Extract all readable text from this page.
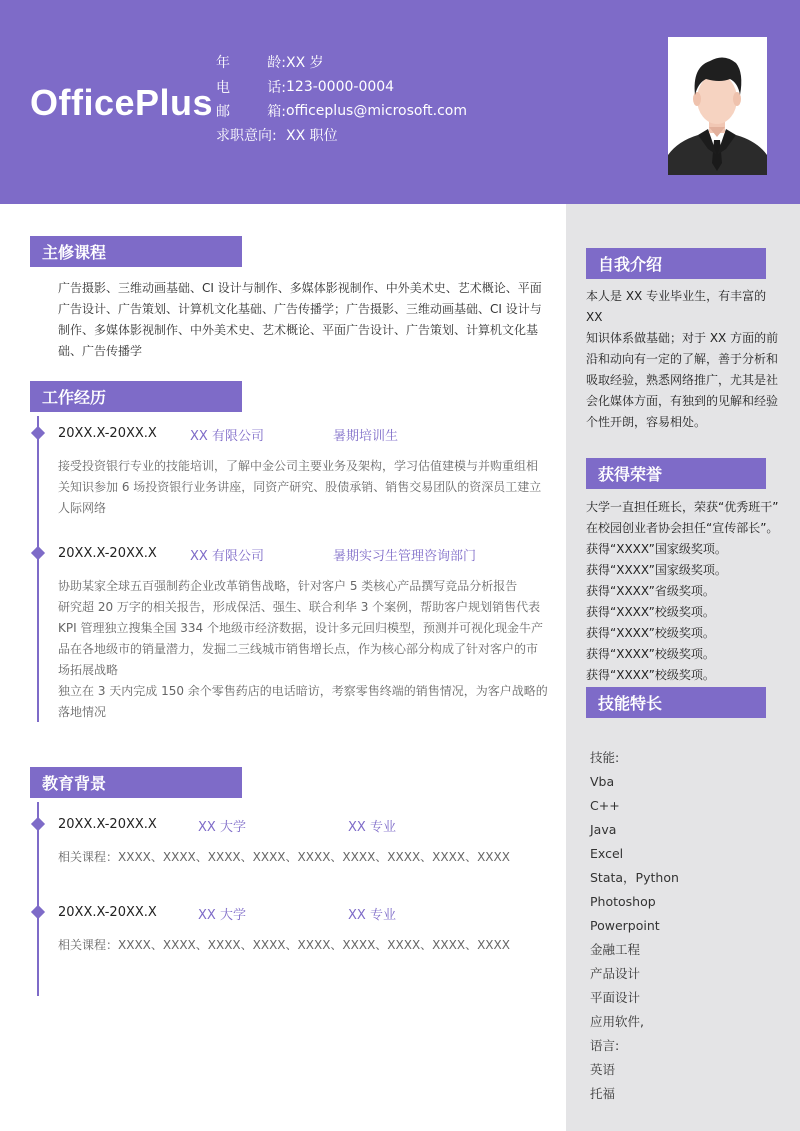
OfficePlus
年	龄: XX 岁
电	话: 123-0000-0004
邮	箱: officeplus@microsoft.com
求职意向: XX 职位
主修课程
广告摄影、三维动画基础、CI 设计与制作、多媒体影视制作、中外美术史、艺术概论、平面
广告设计、广告策划、计算机文化基础、广告传播学；广告摄影、三维动画基础、CI 设计与
制作、多媒体影视制作、中外美术史、艺术概论、平面广告设计、广告策划、计算机文化基
础、广告传播学
工作经历
20XX.X-20XX.X	XX 有限公司	暑期培训生
接受投资银行专业的技能培训，了解中金公司主要业务及架构，学习估值建模与并购重组相
关知识参加 6 场投资银行业务讲座，同资产研究、股债承销、销售交易团队的资深员工建立
人际网络
20XX.X-20XX.X	XX 有限公司	暑期实习生管理咨询部门
协助某家全球五百强制药企业改革销售战略，针对客户 5 类核心产品撰写竞品分析报告
研究超 20 万字的相关报告，形成保活、强生、联合利华 3 个案例，帮助客户规划销售代表
KPI 管理独立搜集全国 334 个地级市经济数据，设计多元回归模型，预测并可视化现金牛产
品在各地级市的销量潜力，发掘二三线城市销售增长点，作为核心部分构成了针对客户的市
场拓展战略
独立在 3 天内完成 150 余个零售药店的电话暗访，考察零售终端的销售情况，为客户战略的
落地情况
教育背景
20XX.X-20XX.X	XX 大学	XX 专业
相关课程：XXXX、XXXX、XXXX、XXXX、XXXX、XXXX、XXXX、XXXX、XXXX
20XX.X-20XX.X	XX 大学	XX 专业
相关课程：XXXX、XXXX、XXXX、XXXX、XXXX、XXXX、XXXX、XXXX、XXXX
自我介绍
本人是 XX 专业毕业生，有丰富的 XX
知识体系做基础；对于 XX 方面的前
沿和动向有一定的了解，善于分析和
吸取经验，熟悉网络推广，尤其是社
会化媒体方面，有独到的见解和经验
个性开朗，容易相处。
获得荣誉
大学一直担任班长，荣获“优秀班干”
在校园创业者协会担任“宣传部长”。
获得“XXXX”国家级奖项。
获得“XXXX”国家级奖项。
获得“XXXX”省级奖项。
获得“XXXX”校级奖项。
获得“XXXX”校级奖项。
获得“XXXX”校级奖项。
获得“XXXX”校级奖项。
技能特长
技能:
Vba
C++
Java
Excel
Stata，Python
Photoshop
Powerpoint
金融工程
产品设计
平面设计
应用软件,
语言:
英语
托福
